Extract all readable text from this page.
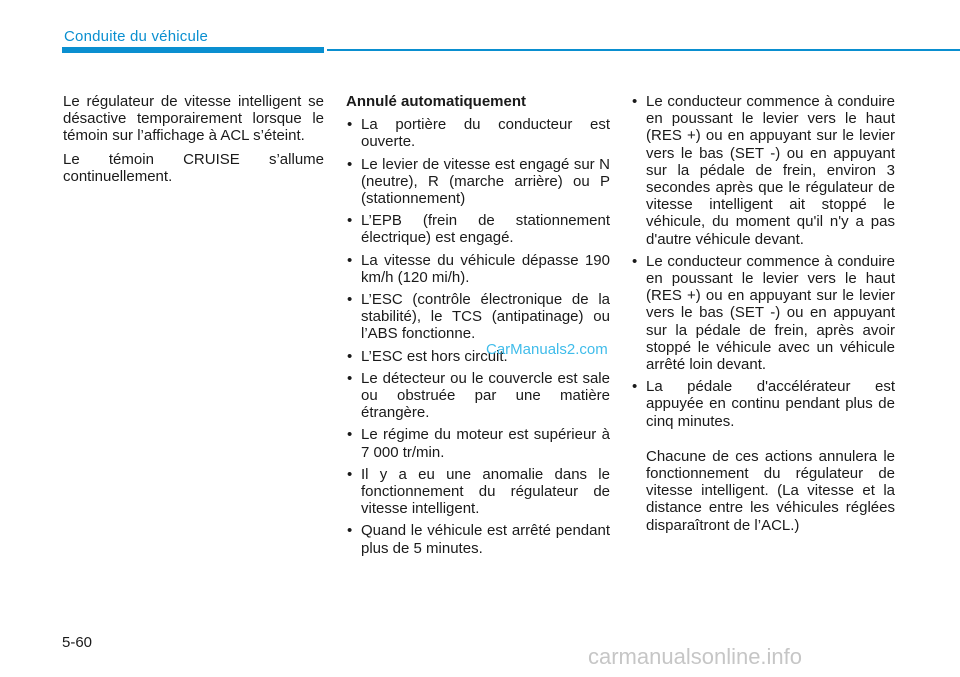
Conduite du véhicule

Le régulateur de vitesse intelligent se désactive temporairement lorsque le témoin sur l’affichage à ACL s’éteint.

Le témoin CRUISE s’allume continuellement.

Annulé automatiquement

• La portière du conducteur est ouverte.
• Le levier de vitesse est engagé sur N (neutre), R (marche arrière) ou P (stationnement)
• L’EPB (frein de stationnement électrique) est engagé.
• La vitesse du véhicule dépasse 190 km/h (120 mi/h).
• L’ESC (contrôle électronique de la stabilité), le TCS (antipatinage) ou l’ABS fonctionne.
• L’ESC est hors circuit.
• Le détecteur ou le couvercle est sale ou obstruée par une matière étrangère.
• Le régime du moteur est supérieur à 7 000 tr/min.
• Il y a eu une anomalie dans le fonctionnement du régulateur de vitesse intelligent.
• Quand le véhicule est arrêté pendant plus de 5 minutes.
• Le conducteur commence à conduire en poussant le levier vers le haut (RES +) ou en appuyant sur le levier vers le bas (SET -) ou en appuyant sur la pédale de frein, environ 3 secondes après que le régulateur de vitesse intelligent ait stoppé le véhicule, du moment qu'il n'y a pas d'autre véhicule devant.
• Le conducteur commence à conduire en poussant le levier vers le haut (RES +) ou en appuyant sur le levier vers le bas (SET -) ou en appuyant sur la pédale de frein, après avoir stoppé le véhicule avec un véhicule arrêté loin devant.
• La pédale d'accélérateur est appuyée en continu pendant plus de cinq minutes.

Chacune de ces actions annulera le fonctionnement du régulateur de vitesse intelligent. (La vitesse et la distance entre les véhicules réglées disparaîtront de l’ACL.)

5-60
CarManuals2.com
carmanualsonline.info
